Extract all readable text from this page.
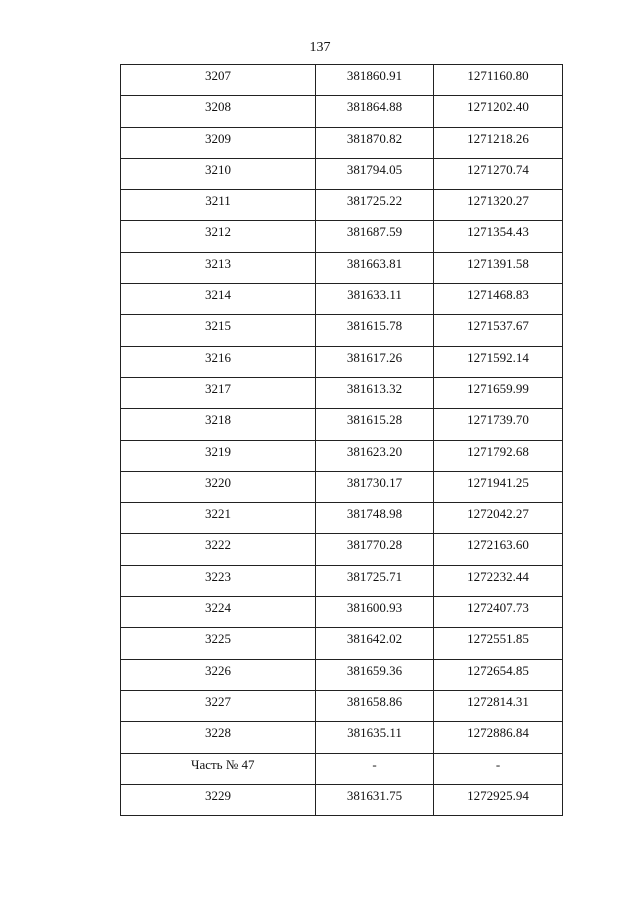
137
3207	381860.91	1271160.80

3208	381864.88	1271202.40

3209	381870.82	1271218.26

3210	381794.05	1271270.74

3211	381725.22	1271320.27

3212	381687.59	1271354.43

3213	381663.81	1271391.58

3214	381633.11	1271468.83

3215	381615.78	1271537.67

3216	381617.26	1271592.14

3217	381613.32	1271659.99

3218	381615.28	1271739.70

3219	381623.20	1271792.68

3220	381730.17	1271941.25

3221	381748.98	1272042.27

3222	381770.28	1272163.60

3223	381725.71	1272232.44

3224	381600.93	1272407.73

3225	381642.02	1272551.85

3226	381659.36	1272654.85

3227	381658.86	1272814.31

3228	381635.11	1272886.84

Часть № 47	-	-

3229	381631.75	1272925.94
